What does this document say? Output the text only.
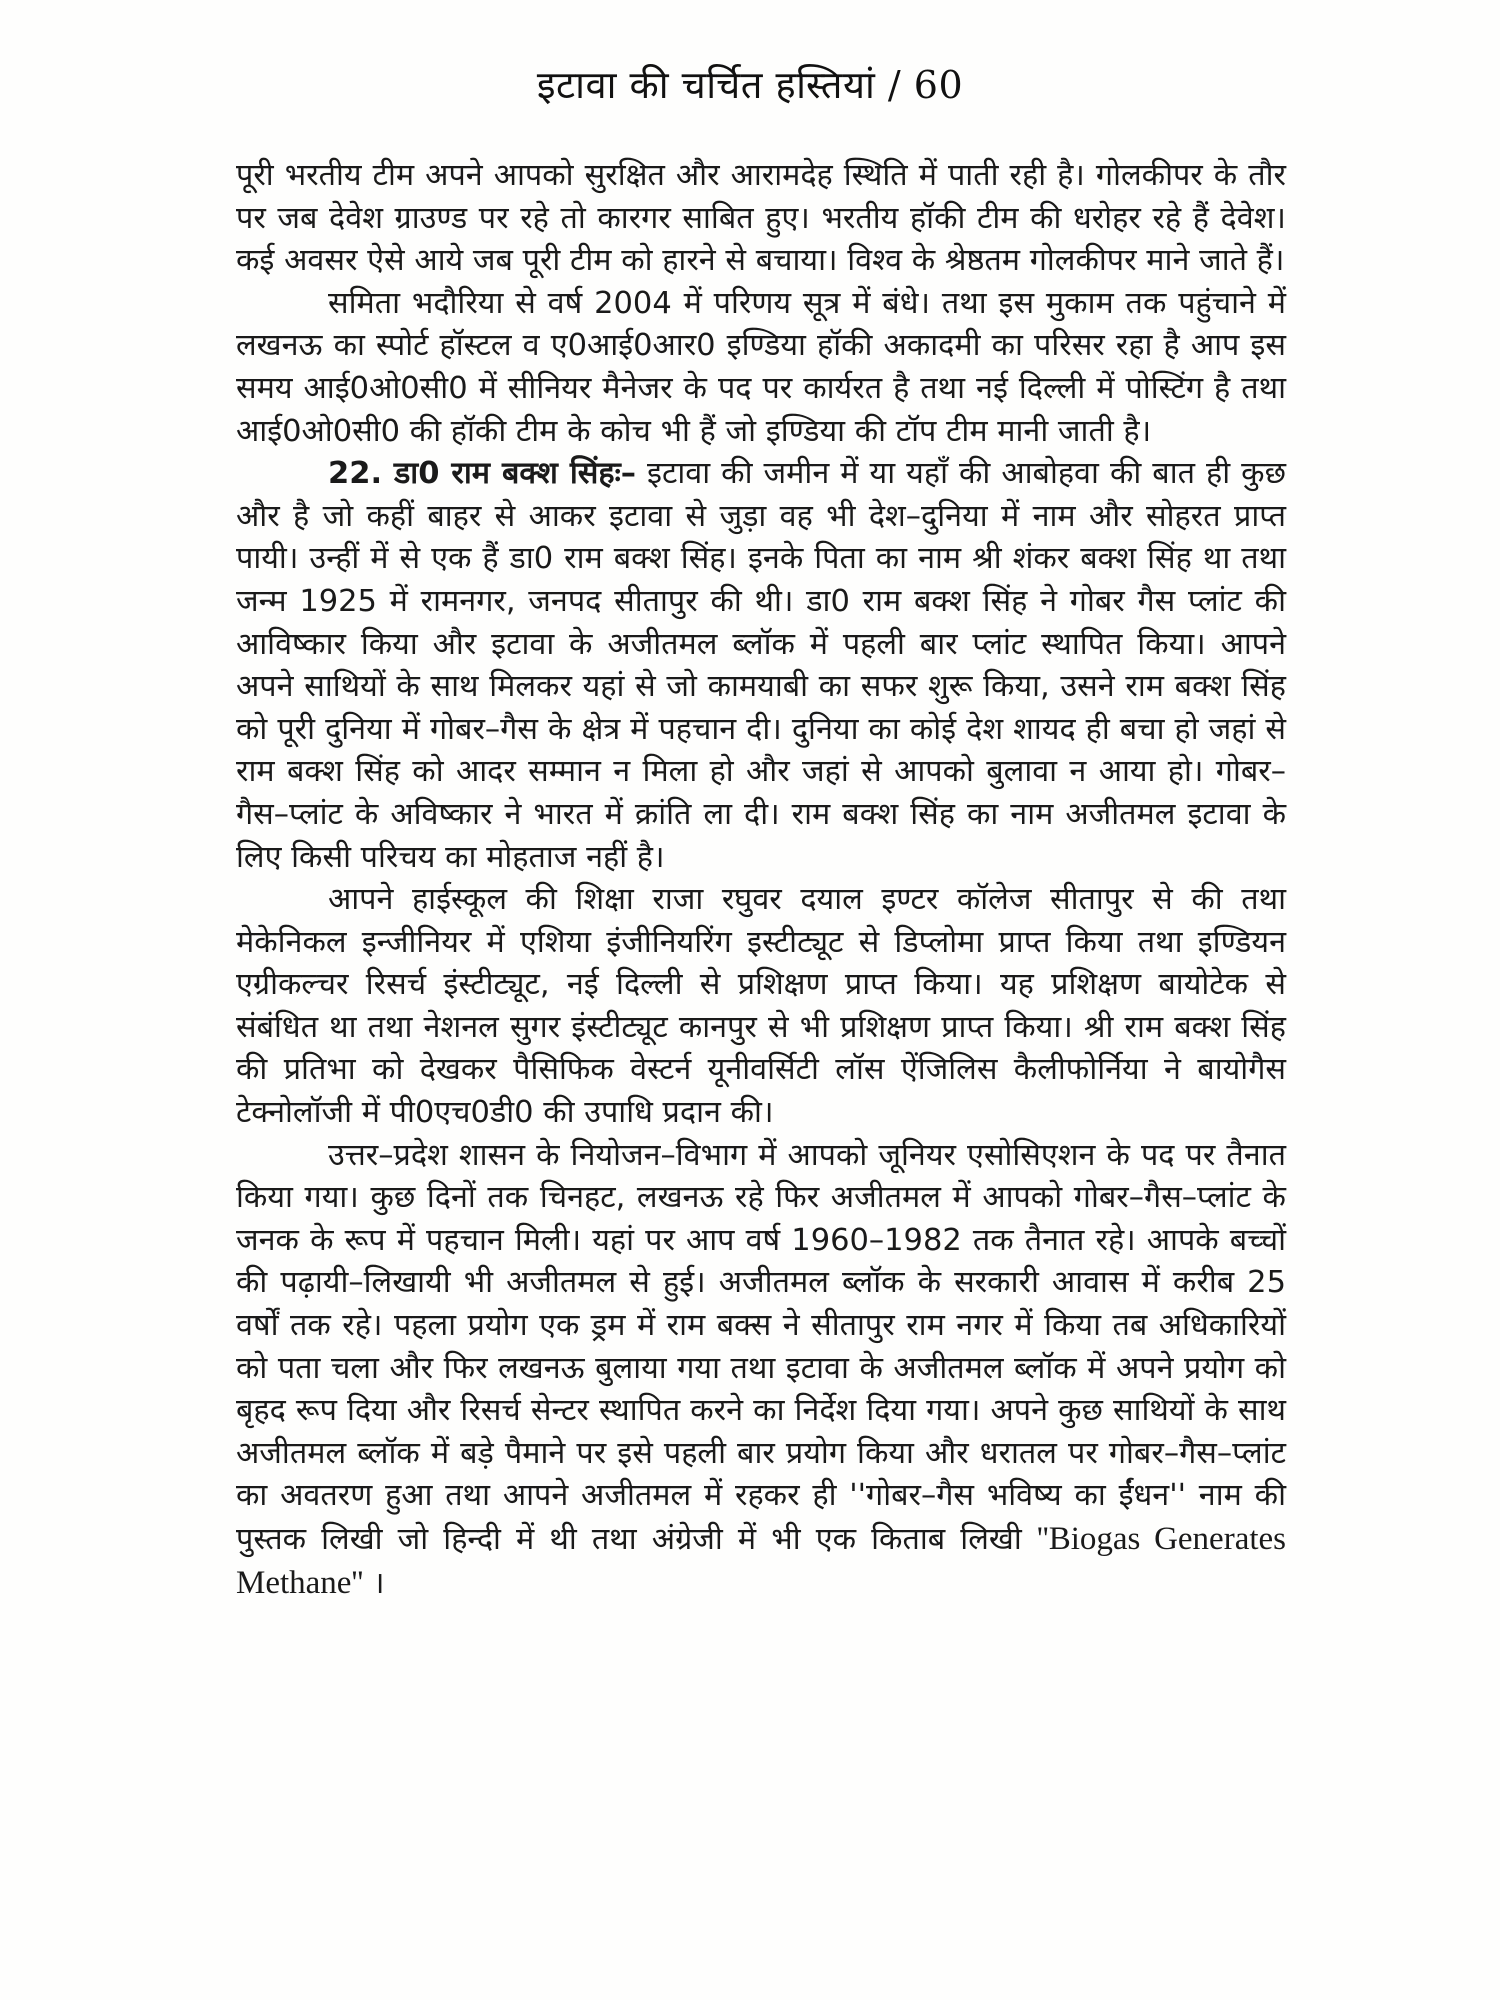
इटावा की चर्चित हस्तियां / 60

पूरी भरतीय टीम अपने आपको सुरक्षित और आरामदेह स्थिति में पाती रही है। गोलकीपर के तौर पर जब देवेश ग्राउण्ड पर रहे तो कारगर साबित हुए। भरतीय हॉकी टीम की धरोहर रहे हैं देवेश। कई अवसर ऐसे आये जब पूरी टीम को हारने से बचाया। विश्व के श्रेष्ठतम गोलकीपर माने जाते हैं।

समिता भदौरिया से वर्ष 2004 में परिणय सूत्र में बंधे। तथा इस मुकाम तक पहुंचाने में लखनऊ का स्पोर्ट हॉस्टल व ए0आई0आर0 इण्डिया हॉकी अकादमी का परिसर रहा है आप इस समय आई0ओ0सी0 में सीनियर मैनेजर के पद पर कार्यरत है तथा नई दिल्ली में पोस्टिंग है तथा आई0ओ0सी0 की हॉकी टीम के कोच भी हैं जो इण्डिया की टॉप टीम मानी जाती है।

22. डा0 राम बक्श सिंहः– इटावा की जमीन में या यहाँ की आबोहवा की बात ही कुछ और है जो कहीं बाहर से आकर इटावा से जुड़ा वह भी देश–दुनिया में नाम और सोहरत प्राप्त पायी। उन्हीं में से एक हैं डा0 राम बक्श सिंह। इनके पिता का नाम श्री शंकर बक्श सिंह था तथा जन्म 1925 में रामनगर, जनपद सीतापुर की थी। डा0 राम बक्श सिंह ने गोबर गैस प्लांट की आविष्कार किया और इटावा के अजीतमल ब्लॉक में पहली बार प्लांट स्थापित किया। आपने अपने साथियों के साथ मिलकर यहां से जो कामयाबी का सफर शुरू किया, उसने राम बक्श सिंह को पूरी दुनिया में गोबर–गैस के क्षेत्र में पहचान दी। दुनिया का कोई देश शायद ही बचा हो जहां से राम बक्श सिंह को आदर सम्मान न मिला हो और जहां से आपको बुलावा न आया हो। गोबर–गैस–प्लांट के अविष्कार ने भारत में क्रांति ला दी। राम बक्श सिंह का नाम अजीतमल इटावा के लिए किसी परिचय का मोहताज नहीं है।

आपने हाईस्कूल की शिक्षा राजा रघुवर दयाल इण्टर कॉलेज सीतापुर से की तथा मेकेनिकल इन्जीनियर में एशिया इंजीनियरिंग इस्टीट्यूट से डिप्लोमा प्राप्त किया तथा इण्डियन एग्रीकल्चर रिसर्च इंस्टीट्यूट, नई दिल्ली से प्रशिक्षण प्राप्त किया। यह प्रशिक्षण बायोटेक से संबंधित था तथा नेशनल सुगर इंस्टीट्यूट कानपुर से भी प्रशिक्षण प्राप्त किया। श्री राम बक्श सिंह की प्रतिभा को देखकर पैसिफिक वेस्टर्न यूनीवर्सिटी लॉस ऐंजिलिस कैलीफोर्निया ने बायोगैस टेक्नोलॉजी में पी0एच0डी0 की उपाधि प्रदान की।

उत्तर–प्रदेश शासन के नियोजन–विभाग में आपको जूनियर एसोसिएशन के पद पर तैनात किया गया। कुछ दिनों तक चिनहट, लखनऊ रहे फिर अजीतमल में आपको गोबर–गैस–प्लांट के जनक के रूप में पहचान मिली। यहां पर आप वर्ष 1960–1982 तक तैनात रहे। आपके बच्चों की पढ़ायी–लिखायी भी अजीतमल से हुई। अजीतमल ब्लॉक के सरकारी आवास में करीब 25 वर्षों तक रहे। पहला प्रयोग एक ड्रम में राम बक्स ने सीतापुर राम नगर में किया तब अधिकारियों को पता चला और फिर लखनऊ बुलाया गया तथा इटावा के अजीतमल ब्लॉक में अपने प्रयोग को बृहद रूप दिया और रिसर्च सेन्टर स्थापित करने का निर्देश दिया गया। अपने कुछ साथियों के साथ अजीतमल ब्लॉक में बड़े पैमाने पर इसे पहली बार प्रयोग किया और धरातल पर गोबर–गैस–प्लांट का अवतरण हुआ तथा आपने अजीतमल में रहकर ही ''गोबर–गैस भविष्य का ईंधन'' नाम की पुस्तक लिखी जो हिन्दी में थी तथा अंग्रेजी में भी एक किताब लिखी ''Biogas Generates Methane'' ।
